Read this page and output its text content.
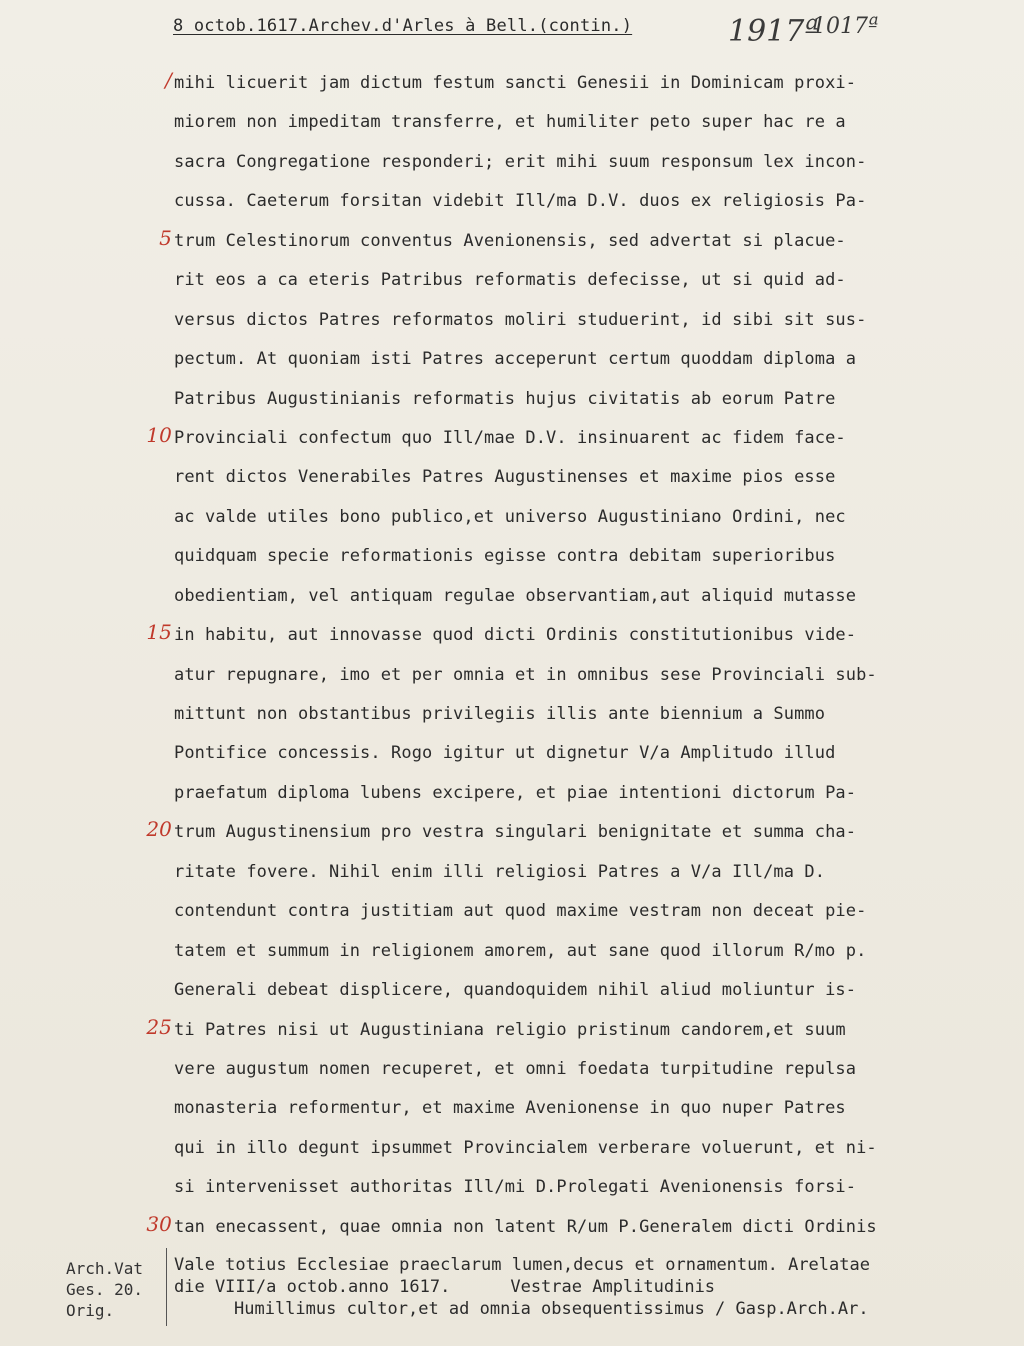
8 octob.1617.Archev.d'Arles à Bell.(contin.)	1917ª
1017ª
/ mihi licuerit jam dictum festum sancti Genesii in Dominicam proxi-
miorem non impeditam transferre, et humiliter peto super hac re a
sacra Congregatione responderi; erit mihi suum responsum lex incon-
cussa. Caeterum forsitan videbit Ill/ma D.V. duos ex religiosis Pa-
5 trum Celestinorum conventus Avenionensis, sed advertat si placue-
rit eos a ca eteris Patribus reformatis defecisse, ut si quid ad-
versus dictos Patres reformatos moliri studuerint, id sibi sit sus-
pectum. At quoniam isti Patres acceperunt certum quoddam diploma a
Patribus Augustinianis reformatis hujus civitatis ab eorum Patre
10 Provinciali confectum quo Ill/mae D.V. insinuarent ac fidem face-
rent dictos Venerabiles Patres Augustinenses et maxime pios esse
ac valde utiles bono publico,et universo Augustiniano Ordini, nec
quidquam specie reformationis egisse contra debitam superioribus
obedientiam, vel antiquam regulae observantiam,aut aliquid mutasse
15 in habitu, aut innovasse quod dicti Ordinis constitutionibus vide-
atur repugnare, imo et per omnia et in omnibus sese Provinciali sub-
mittunt non obstantibus privilegiis illis ante biennium a Summo
Pontifice concessis. Rogo igitur ut dignetur V/a Amplitudo illud
praefatum diploma lubens excipere, et piae intentioni dictorum Pa-
20 trum Augustinensium pro vestra singulari benignitate et summa cha-
ritate fovere. Nihil enim illi religiosi Patres a V/a Ill/ma D.
contendunt contra justitiam aut quod maxime vestram non deceat pie-
tatem et summum in religionem amorem, aut sane quod illorum R/mo p.
Generali debeat displicere, quandoquidem nihil aliud moliuntur is-
25 ti Patres nisi ut Augustiniana religio pristinum candorem,et suum
vere augustum nomen recuperet, et omni foedata turpitudine repulsa
monasteria reformentur, et maxime Avenionense in quo nuper Patres
qui in illo degunt ipsummet Provincialem verberare voluerunt, et ni-
si intervenisset authoritas Ill/mi D.Prolegati Avenionensis forsi-
30 tan enecassent, quae omnia non latent R/um P.Generalem dicti Ordinis
Arch.Vat
Ges. 20.
Orig.
Vale totius Ecclesiae praeclarum lumen,decus et ornamentum. Arelatae
die VIII/a octob.anno 1617.	Vestrae Amplitudinis
Humillimus cultor,et ad omnia obsequentissimus / Gasp.Arch.Ar.
